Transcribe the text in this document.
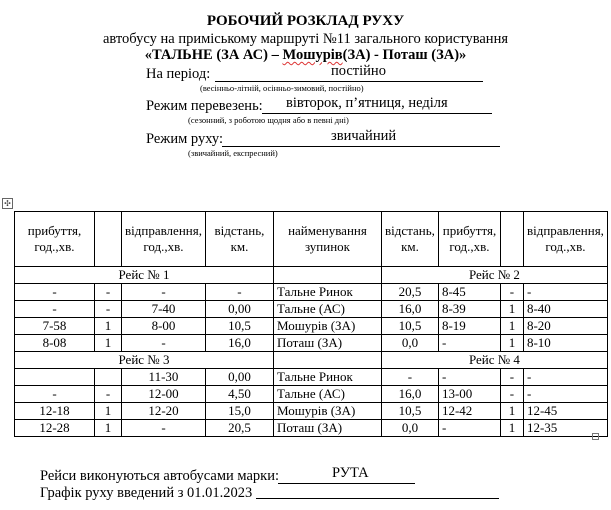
РОБОЧИЙ РОЗКЛАД РУХУ
автобусу на приміському маршруті №11 загального користування
«ТАЛЬНЕ (ЗА АС) – Мошурів(ЗА) - Поташ (ЗА)»
На період:	постійно
(весінньо-літній, осінньо-зимовий, постійно)
Режим перевезень: вівторок, п’ятниця, неділя
(сезонний, з роботою щодня або в певні дні)
Режим руху:	звичайний
(звичайний, експресний)
✣
прибуття, год.,хв.		відправлення, год.,хв.	відстань, км.	найменування зупинок	відстань, км.	прибуття, год.,хв.		відправлення, год.,хв.
Рейс № 1					Рейс № 2			
-	-	-	-	Тальне Ринок	20,5	8-45	-	-
-	-	7-40	0,00	Тальне (АС)	16,0	8-39	1	8-40
7-58	1	8-00	10,5	Мошурів (ЗА)	10,5	8-19	1	8-20
8-08	1	-	16,0	Поташ (ЗА)	0,0	-	1	8-10
Рейс № 3					Рейс № 4			
		11-30	0,00	Тальне Ринок	-	-	-	-
-	-	12-00	4,50	Тальне (АС)	16,0	13-00	-	-
12-18	1	12-20	15,0	Мошурів (ЗА)	10,5	12-42	1	12-45
12-28	1	-	20,5	Поташ (ЗА)	0,0	-	1	12-35
Рейси виконуються автобусами марки:	РУТА
Графік руху введений з 01.01.2023
